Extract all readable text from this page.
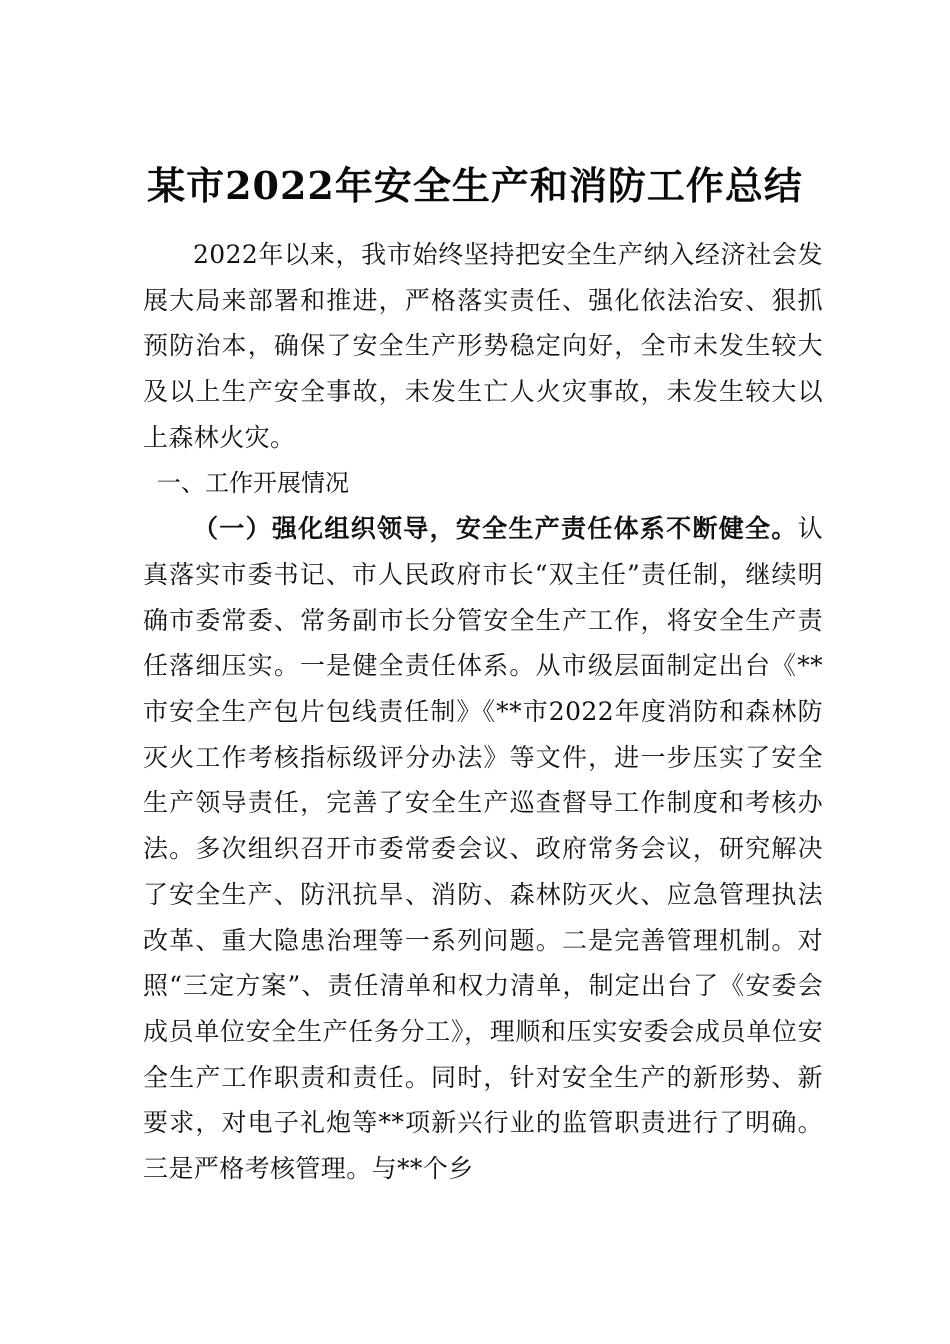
某市2022年安全生产和消防工作总结

2022年以来，我市始终坚持把安全生产纳入经济社会发展大局来部署和推进，严格落实责任、强化依法治安、狠抓预防治本，确保了安全生产形势稳定向好，全市未发生较大及以上生产安全事故，未发生亡人火灾事故，未发生较大以上森林火灾。

一、工作开展情况

（一）强化组织领导，安全生产责任体系不断健全。认真落实市委书记、市人民政府市长“双主任”责任制，继续明确市委常委、常务副市长分管安全生产工作，将安全生产责任落细压实。一是健全责任体系。从市级层面制定出台《**市安全生产包片包线责任制》《**市2022年度消防和森林防灭火工作考核指标级评分办法》等文件，进一步压实了安全生产领导责任，完善了安全生产巡查督导工作制度和考核办法。多次组织召开市委常委会议、政府常务会议，研究解决了安全生产、防汛抗旱、消防、森林防灭火、应急管理执法改革、重大隐患治理等一系列问题。二是完善管理机制。对照“三定方案”、责任清单和权力清单，制定出台了《安委会成员单位安全生产任务分工》，理顺和压实安委会成员单位安全生产工作职责和责任。同时，针对安全生产的新形势、新要求，对电子礼炮等**项新兴行业的监管职责进行了明确。三是严格考核管理。与**个乡
